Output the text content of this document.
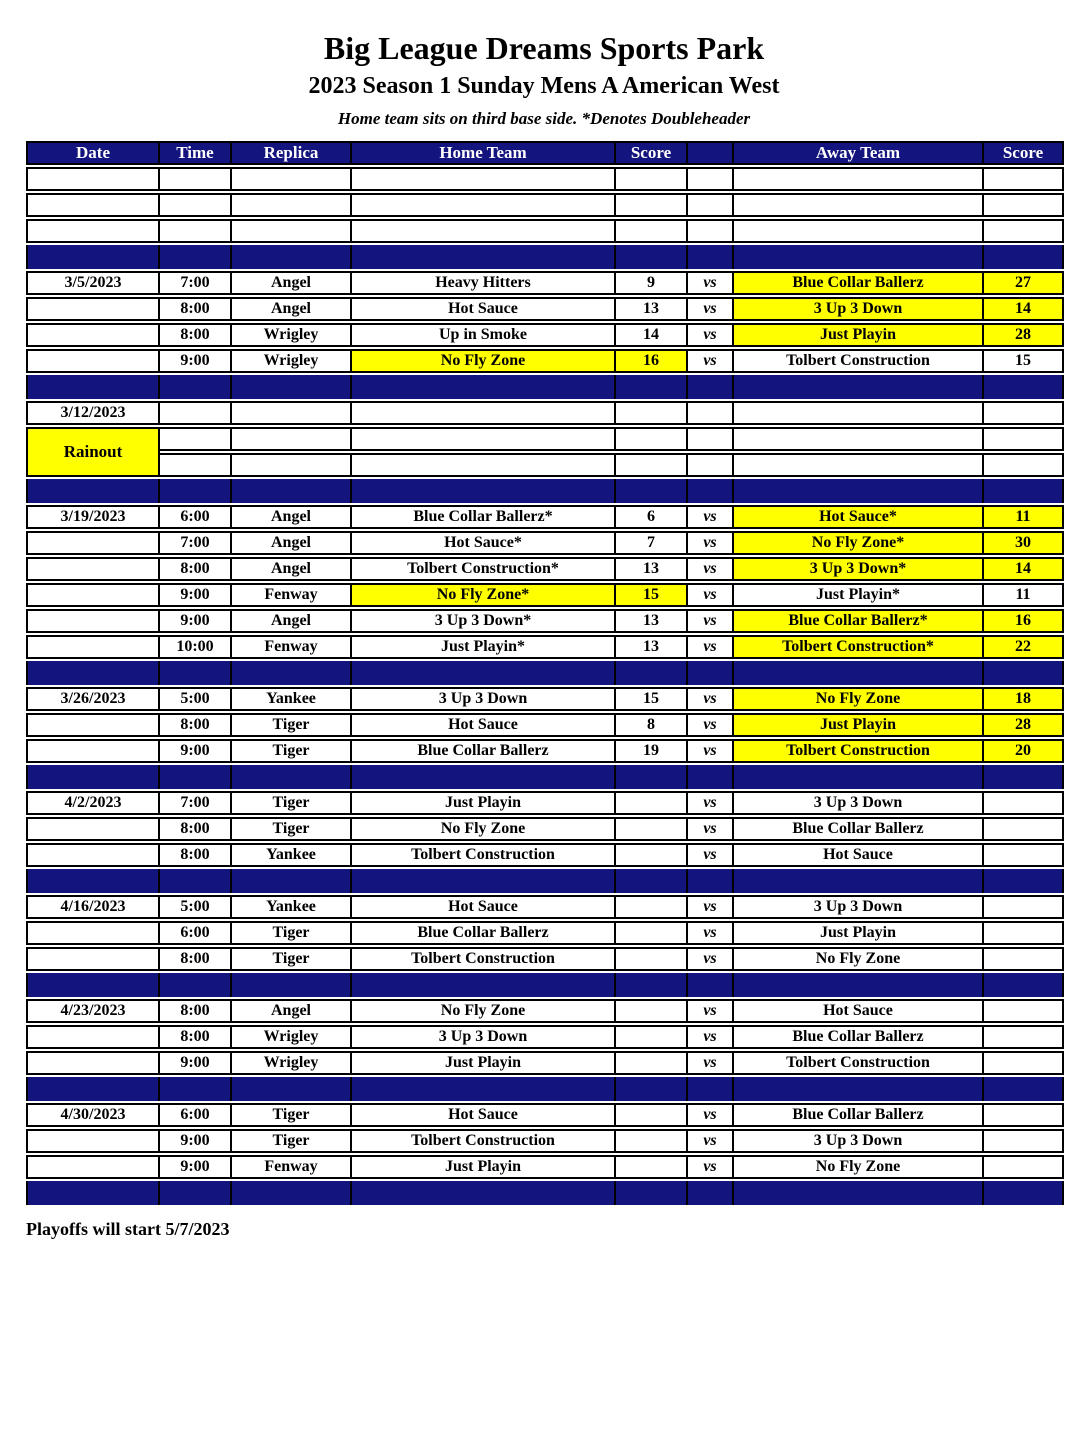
Big League Dreams Sports Park
2023 Season 1 Sunday Mens A American West
Home team sits on third base side. *Denotes Doubleheader
Date	Time	Replica	Home Team	Score	Away Team	Score
3/5/2023	7:00	Angel	Heavy Hitters	9	vs	Blue Collar Ballerz	27
8:00	Angel	Hot Sauce	13	vs	3 Up 3 Down	14
8:00	Wrigley	Up in Smoke	14	vs	Just Playin	28
9:00	Wrigley	No Fly Zone	16	vs	Tolbert Construction	15
3/12/2023
Rainout
3/19/2023	6:00	Angel	Blue Collar Ballerz*	6	vs	Hot Sauce*	11
7:00	Angel	Hot Sauce*	7	vs	No Fly Zone*	30
8:00	Angel	Tolbert Construction*	13	vs	3 Up 3 Down*	14
9:00	Fenway	No Fly Zone*	15	vs	Just Playin*	11
9:00	Angel	3 Up 3 Down*	13	vs	Blue Collar Ballerz*	16
10:00	Fenway	Just Playin*	13	vs	Tolbert Construction*	22
3/26/2023	5:00	Yankee	3 Up 3 Down	15	vs	No Fly Zone	18
8:00	Tiger	Hot Sauce	8	vs	Just Playin	28
9:00	Tiger	Blue Collar Ballerz	19	vs	Tolbert Construction	20
4/2/2023	7:00	Tiger	Just Playin	vs	3 Up 3 Down
8:00	Tiger	No Fly Zone	vs	Blue Collar Ballerz
8:00	Yankee	Tolbert Construction	vs	Hot Sauce
4/16/2023	5:00	Yankee	Hot Sauce	vs	3 Up 3 Down
6:00	Tiger	Blue Collar Ballerz	vs	Just Playin
8:00	Tiger	Tolbert Construction	vs	No Fly Zone
4/23/2023	8:00	Angel	No Fly Zone	vs	Hot Sauce
8:00	Wrigley	3 Up 3 Down	vs	Blue Collar Ballerz
9:00	Wrigley	Just Playin	vs	Tolbert Construction
4/30/2023	6:00	Tiger	Hot Sauce	vs	Blue Collar Ballerz
9:00	Tiger	Tolbert Construction	vs	3 Up 3 Down
9:00	Fenway	Just Playin	vs	No Fly Zone
Playoffs will start 5/7/2023
